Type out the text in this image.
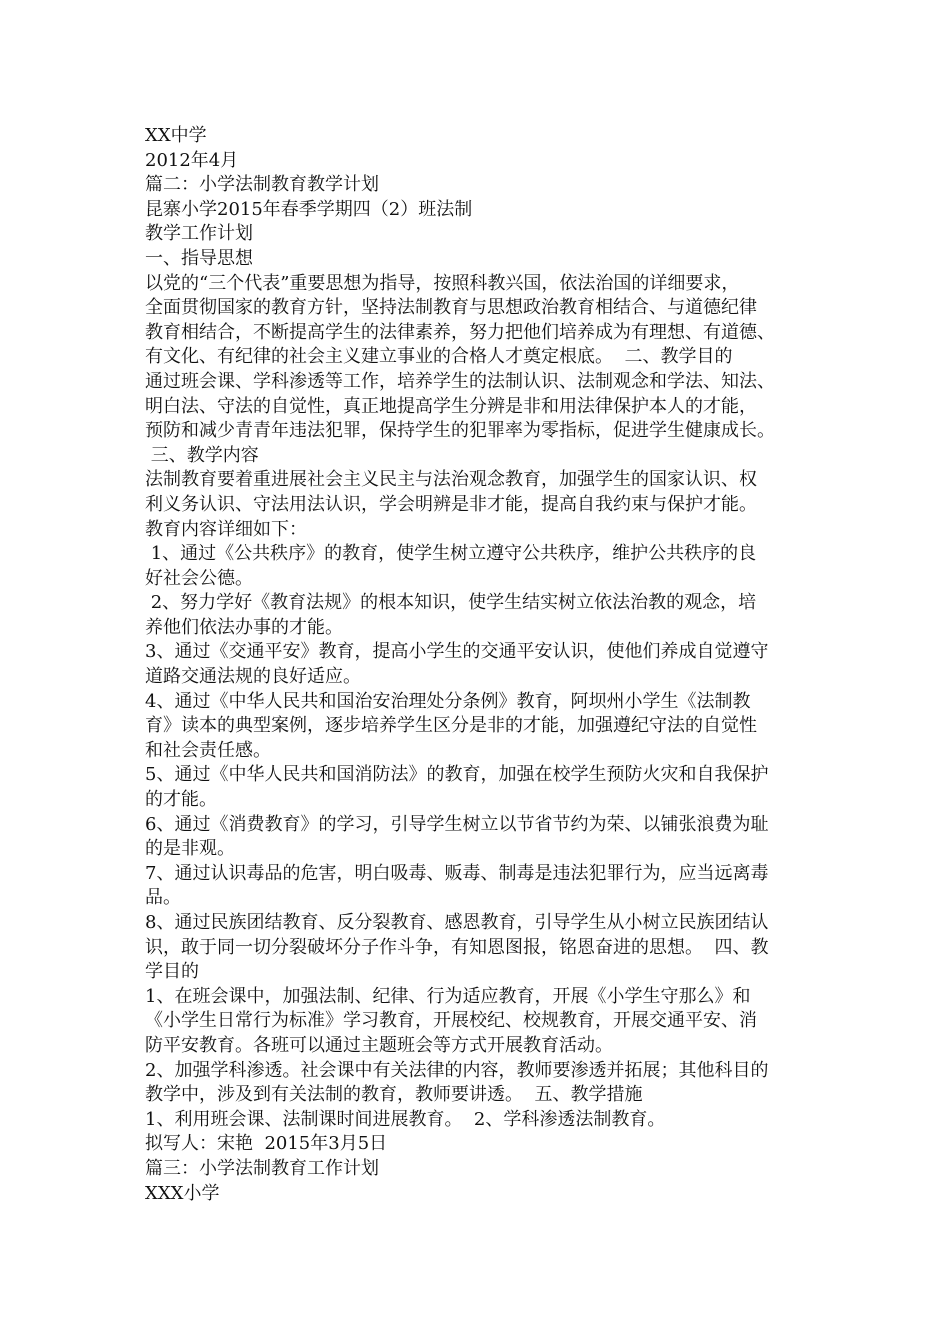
XX中学
2012年4月
篇二：小学法制教育教学计划
昆寨小学2015年春季学期四（2）班法制
教学工作计划
一、指导思想
以党的“三个代表”重要思想为指导，按照科教兴国，依法治国的详细要求，
全面贯彻国家的教育方针，坚持法制教育与思想政治教育相结合、与道德纪律
教育相结合，不断提高学生的法律素养，努力把他们培养成为有理想、有道德、
有文化、有纪律的社会主义建立事业的合格人才奠定根底。  二、教学目的
通过班会课、学科渗透等工作，培养学生的法制认识、法制观念和学法、知法、
明白法、守法的自觉性，真正地提高学生分辨是非和用法律保护本人的才能，
预防和减少青青年违法犯罪，保持学生的犯罪率为零指标，促进学生健康成长。
三、教学内容
法制教育要着重进展社会主义民主与法治观念教育，加强学生的国家认识、权
利义务认识、守法用法认识，学会明辨是非才能，提高自我约束与保护才能。
教育内容详细如下：
1、通过《公共秩序》的教育，使学生树立遵守公共秩序，维护公共秩序的良
好社会公德。
2、努力学好《教育法规》的根本知识，使学生结实树立依法治教的观念，培
养他们依法办事的才能。
3、通过《交通平安》教育，提高小学生的交通平安认识，使他们养成自觉遵守
道路交通法规的良好适应。
4、通过《中华人民共和国治安治理处分条例》教育，阿坝州小学生《法制教
育》读本的典型案例，逐步培养学生区分是非的才能，加强遵纪守法的自觉性
和社会责任感。
5、通过《中华人民共和国消防法》的教育，加强在校学生预防火灾和自我保护
的才能。
6、通过《消费教育》的学习，引导学生树立以节省节约为荣、以铺张浪费为耻
的是非观。
7、通过认识毒品的危害，明白吸毒、贩毒、制毒是违法犯罪行为，应当远离毒
品。
8、通过民族团结教育、反分裂教育、感恩教育，引导学生从小树立民族团结认
识，敢于同一切分裂破坏分子作斗争，有知恩图报，铭恩奋进的思想。  四、教
学目的
1、在班会课中，加强法制、纪律、行为适应教育，开展《小学生守那么》和
《小学生日常行为标准》学习教育，开展校纪、校规教育，开展交通平安、消
防平安教育。各班可以通过主题班会等方式开展教育活动。
2、加强学科渗透。社会课中有关法律的内容，教师要渗透并拓展；其他科目的
教学中，涉及到有关法制的教育，教师要讲透。  五、教学措施
1、利用班会课、法制课时间进展教育。  2、学科渗透法制教育。
拟写人：宋艳  2015年3月5日
篇三：小学法制教育工作计划
XXX小学
